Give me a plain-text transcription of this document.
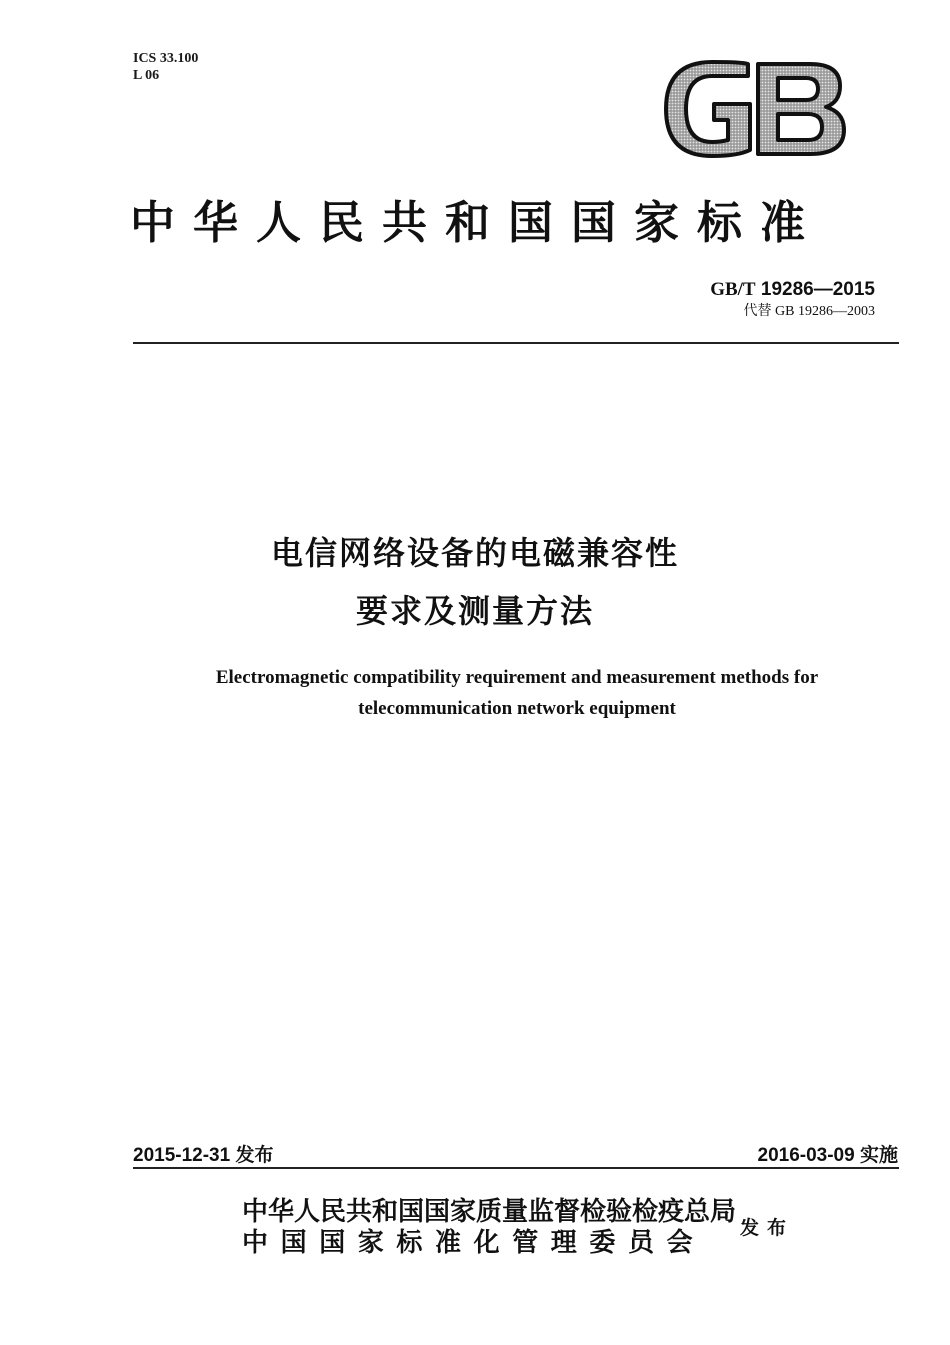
ICS 33.100
L 06
中华人民共和国国家标准
GB/T 19286—2015
代替 GB 19286—2003
电信网络设备的电磁兼容性
要求及测量方法
Electromagnetic compatibility requirement and measurement methods for
telecommunication network equipment
2015-12-31 发布	2016-03-09 实施
中华人民共和国国家质量监督检验检疫总局
中国国家标准化管理委员会	发布
